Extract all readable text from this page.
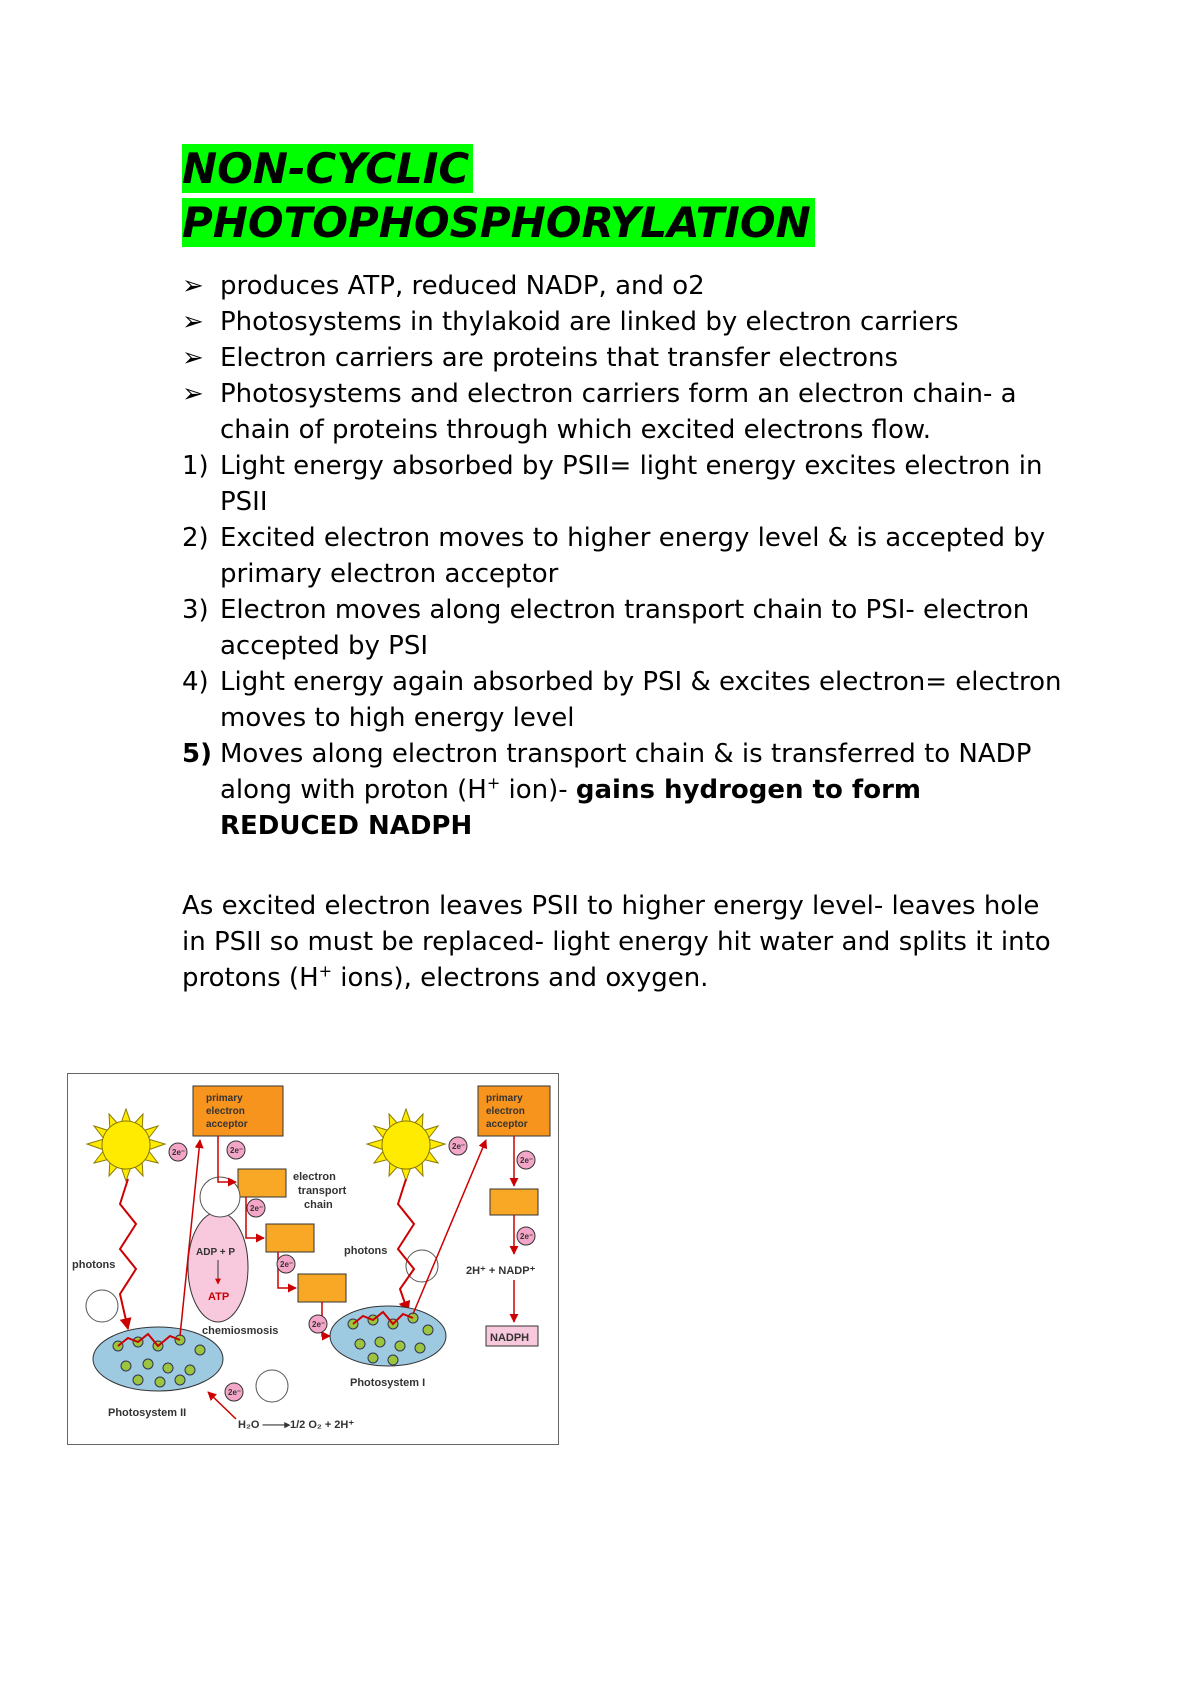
NON-CYCLIC
PHOTOPHOSPHORYLATION
➢ produces ATP, reduced NADP, and o2
➢ Photosystems in thylakoid are linked by electron carriers
➢ Electron carriers are proteins that transfer electrons
➢ Photosystems and electron carriers form an electron chain- a chain of proteins through which excited electrons flow.
1) Light energy absorbed by PSII= light energy excites electron in PSII
2) Excited electron moves to higher energy level & is accepted by primary electron acceptor
3) Electron moves along electron transport chain to PSI- electron accepted by PSI
4) Light energy again absorbed by PSI & excites electron= electron moves to high energy level
5) Moves along electron transport chain & is transferred to NADP along with proton (H+ ion)- gains hydrogen to form REDUCED NADPH

As excited electron leaves PSII to higher energy level- leaves hole in PSII so must be replaced- light energy hit water and splits it into protons (H+ ions), electrons and oxygen.

primary
electron
acceptor
primary
electron
acceptor
electron
transport
chain
2H⁺ + NADP⁺
NADPH
ADP + P
ATP
chemiosmosis
photons
photons
Photosystem II
Photosystem I
2e⁻	2e⁻
2e⁻
2e⁻
2e⁻
2e⁻
2e⁻
2e⁻
2e⁻
H₂O ——▸1/2 O₂ + 2H⁺
